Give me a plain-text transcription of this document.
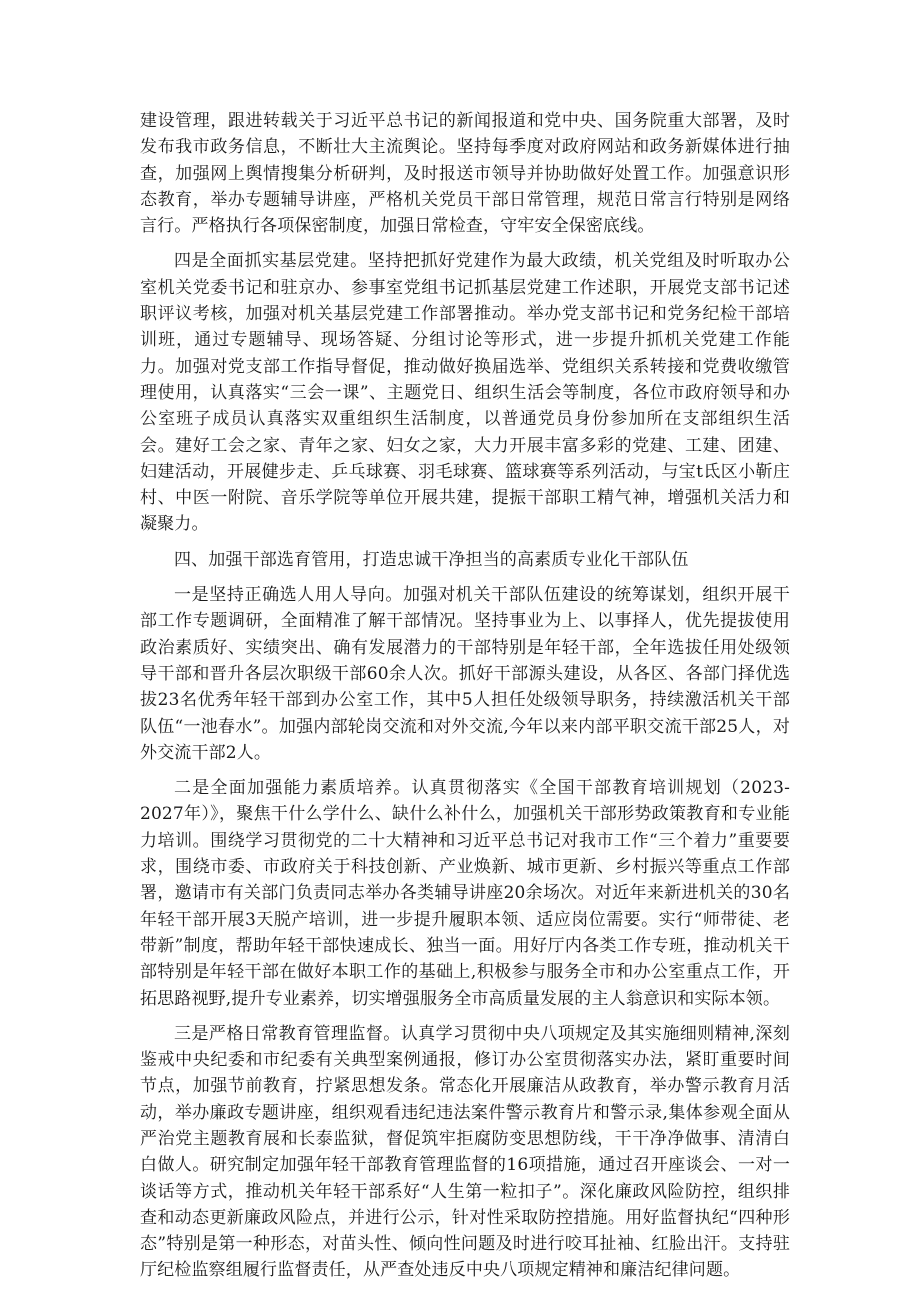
建设管理，跟进转载关于习近平总书记的新闻报道和党中央、国务院重大部署，及时发布我市政务信息，不断壮大主流舆论。坚持每季度对政府网站和政务新媒体进行抽查，加强网上舆情搜集分析研判，及时报送市领导并协助做好处置工作。加强意识形态教育，举办专题辅导讲座，严格机关党员干部日常管理，规范日常言行特别是网络言行。严格执行各项保密制度，加强日常检查，守牢安全保密底线。

四是全面抓实基层党建。坚持把抓好党建作为最大政绩，机关党组及时听取办公室机关党委书记和驻京办、参事室党组书记抓基层党建工作述职，开展党支部书记述职评议考核，加强对机关基层党建工作部署推动。举办党支部书记和党务纪检干部培训班，通过专题辅导、现场答疑、分组讨论等形式，进一步提升抓机关党建工作能力。加强对党支部工作指导督促，推动做好换届选举、党组织关系转接和党费收缴管理使用，认真落实“三会一课”、主题党日、组织生活会等制度，各位市政府领导和办公室班子成员认真落实双重组织生活制度，以普通党员身份参加所在支部组织生活会。建好工会之家、青年之家、妇女之家，大力开展丰富多彩的党建、工建、团建、妇建活动，开展健步走、乒乓球赛、羽毛球赛、篮球赛等系列活动，与宝t氐区小靳庄村、中医一附院、音乐学院等单位开展共建，提振干部职工精气神，增强机关活力和凝聚力。

四、加强干部选育管用，打造忠诚干净担当的高素质专业化干部队伍

一是坚持正确选人用人导向。加强对机关干部队伍建设的统筹谋划，组织开展干部工作专题调研，全面精准了解干部情况。坚持事业为上、以事择人，优先提拔使用政治素质好、实绩突出、确有发展潜力的干部特别是年轻干部，全年选拔任用处级领导干部和晋升各层次职级干部60余人次。抓好干部源头建设，从各区、各部门择优选拔23名优秀年轻干部到办公室工作，其中5人担任处级领导职务，持续激活机关干部队伍“一池春水”。加强内部轮岗交流和对外交流,今年以来内部平职交流干部25人，对外交流干部2人。

二是全面加强能力素质培养。认真贯彻落实《全国干部教育培训规划（2023-2027年）》，聚焦干什么学什么、缺什么补什么，加强机关干部形势政策教育和专业能力培训。围绕学习贯彻党的二十大精神和习近平总书记对我市工作“三个着力”重要要求，围绕市委、市政府关于科技创新、产业焕新、城市更新、乡村振兴等重点工作部署，邀请市有关部门负责同志举办各类辅导讲座20余场次。对近年来新进机关的30名年轻干部开展3天脱产培训，进一步提升履职本领、适应岗位需要。实行“师带徒、老带新”制度，帮助年轻干部快速成长、独当一面。用好厅内各类工作专班，推动机关干部特别是年轻干部在做好本职工作的基础上,积极参与服务全市和办公室重点工作，开拓思路视野,提升专业素养，切实增强服务全市高质量发展的主人翁意识和实际本领。

三是严格日常教育管理监督。认真学习贯彻中央八项规定及其实施细则精神,深刻鉴戒中央纪委和市纪委有关典型案例通报，修订办公室贯彻落实办法，紧盯重要时间节点，加强节前教育，拧紧思想发条。常态化开展廉洁从政教育，举办警示教育月活动，举办廉政专题讲座，组织观看违纪违法案件警示教育片和警示录,集体参观全面从严治党主题教育展和长泰监狱，督促筑牢拒腐防变思想防线，干干净净做事、清清白白做人。研究制定加强年轻干部教育管理监督的16项措施，通过召开座谈会、一对一谈话等方式，推动机关年轻干部系好“人生第一粒扣子”。深化廉政风险防控，组织排查和动态更新廉政风险点，并进行公示，针对性采取防控措施。用好监督执纪“四种形态”特别是第一种形态，对苗头性、倾向性问题及时进行咬耳扯袖、红脸出汗。支持驻厅纪检监察组履行监督责任，从严查处违反中央八项规定精神和廉洁纪律问题。
